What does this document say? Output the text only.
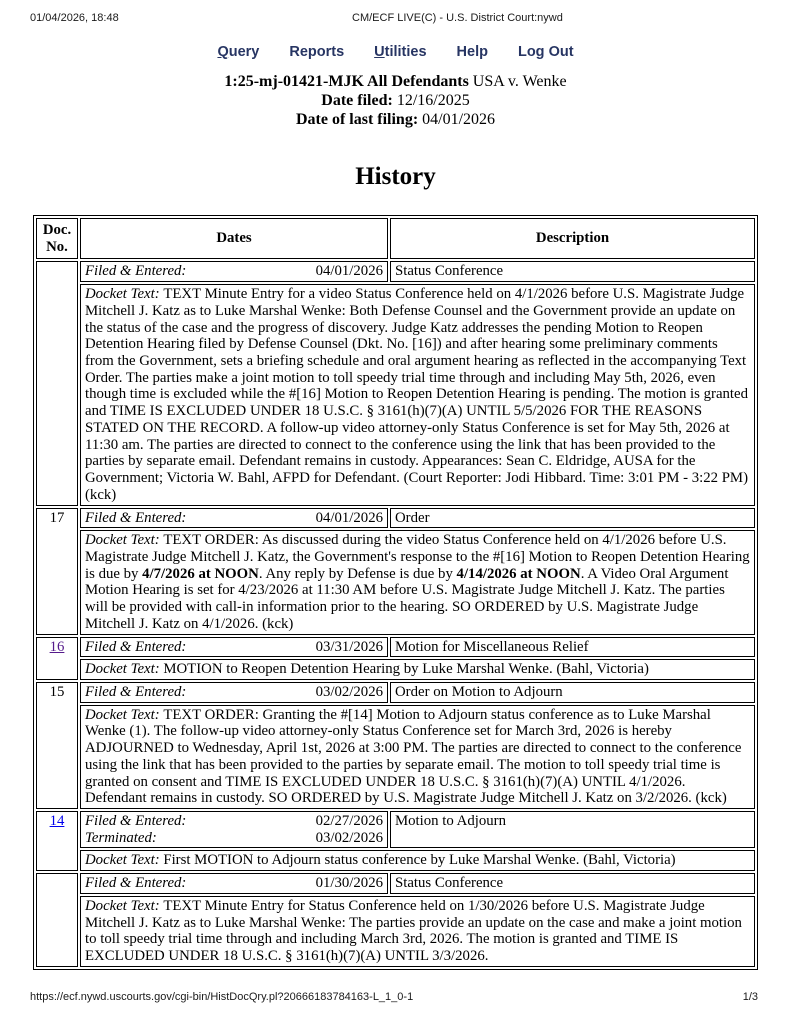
01/04/2026, 18:48	CM/ECF LIVE(C) - U.S. District Court:nywd
Query Reports Utilities Help Log Out
1:25-mj-01421-MJK All Defendants USA v. Wenke
Date filed: 12/16/2025
Date of last filing: 04/01/2026
History
Doc.
No.	Dates	Description

	Filed & Entered: 04/01/2026	Status Conference
	Docket Text: TEXT Minute Entry for a video Status Conference held on 4/1/2026 before U.S. Magistrate Judge Mitchell J. Katz as to Luke Marshal Wenke: Both Defense Counsel and the Government provide an update on the status of the case and the progress of discovery. Judge Katz addresses the pending Motion to Reopen Detention Hearing filed by Defense Counsel (Dkt. No. [16]) and after hearing some preliminary comments from the Government, sets a briefing schedule and oral argument hearing as reflected in the accompanying Text Order. The parties make a joint motion to toll speedy trial time through and including May 5th, 2026, even though time is excluded while the #[16] Motion to Reopen Detention Hearing is pending. The motion is granted and TIME IS EXCLUDED UNDER 18 U.S.C. § 3161(h)(7)(A) UNTIL 5/5/2026 FOR THE REASONS STATED ON THE RECORD. A follow-up video attorney-only Status Conference is set for May 5th, 2026 at 11:30 am. The parties are directed to connect to the conference using the link that has been provided to the parties by separate email. Defendant remains in custody. Appearances: Sean C. Eldridge, AUSA for the Government; Victoria W. Bahl, AFPD for Defendant. (Court Reporter: Jodi Hibbard. Time: 3:01 PM - 3:22 PM) (kck)	
17	Filed & Entered: 04/01/2026	Order
	Docket Text: TEXT ORDER: As discussed during the video Status Conference held on 4/1/2026 before U.S. Magistrate Judge Mitchell J. Katz, the Government's response to the #[16] Motion to Reopen Detention Hearing is due by 4/7/2026 at NOON. Any reply by Defense is due by 4/14/2026 at NOON. A Video Oral Argument Motion Hearing is set for 4/23/2026 at 11:30 AM before U.S. Magistrate Judge Mitchell J. Katz. The parties will be provided with call-in information prior to the hearing. SO ORDERED by U.S. Magistrate Judge Mitchell J. Katz on 4/1/2026. (kck)	
16	Filed & Entered: 03/31/2026	Motion for Miscellaneous Relief
	Docket Text: MOTION to Reopen Detention Hearing by Luke Marshal Wenke. (Bahl, Victoria)	
15	Filed & Entered: 03/02/2026	Order on Motion to Adjourn
	Docket Text: TEXT ORDER: Granting the #[14] Motion to Adjourn status conference as to Luke Marshal Wenke (1). The follow-up video attorney-only Status Conference set for March 3rd, 2026 is hereby ADJOURNED to Wednesday, April 1st, 2026 at 3:00 PM. The parties are directed to connect to the conference using the link that has been provided to the parties by separate email. The motion to toll speedy trial time is granted on consent and TIME IS EXCLUDED UNDER 18 U.S.C. § 3161(h)(7)(A) UNTIL 4/1/2026. Defendant remains in custody. SO ORDERED by U.S. Magistrate Judge Mitchell J. Katz on 3/2/2026. (kck)	
14	Filed & Entered: 02/27/2026
Terminated: 03/02/2026	Motion to Adjourn
	Docket Text: First MOTION to Adjourn status conference by Luke Marshal Wenke. (Bahl, Victoria)	

	Filed & Entered: 01/30/2026	Status Conference
	Docket Text: TEXT Minute Entry for Status Conference held on 1/30/2026 before U.S. Magistrate Judge Mitchell J. Katz as to Luke Marshal Wenke: The parties provide an update on the case and make a joint motion to toll speedy trial time through and including March 3rd, 2026. The motion is granted and TIME IS EXCLUDED UNDER 18 U.S.C. § 3161(h)(7)(A) UNTIL 3/3/2026.	
https://ecf.nywd.uscourts.gov/cgi-bin/HistDocQry.pl?20666183784163-L_1_0-1	1/3
